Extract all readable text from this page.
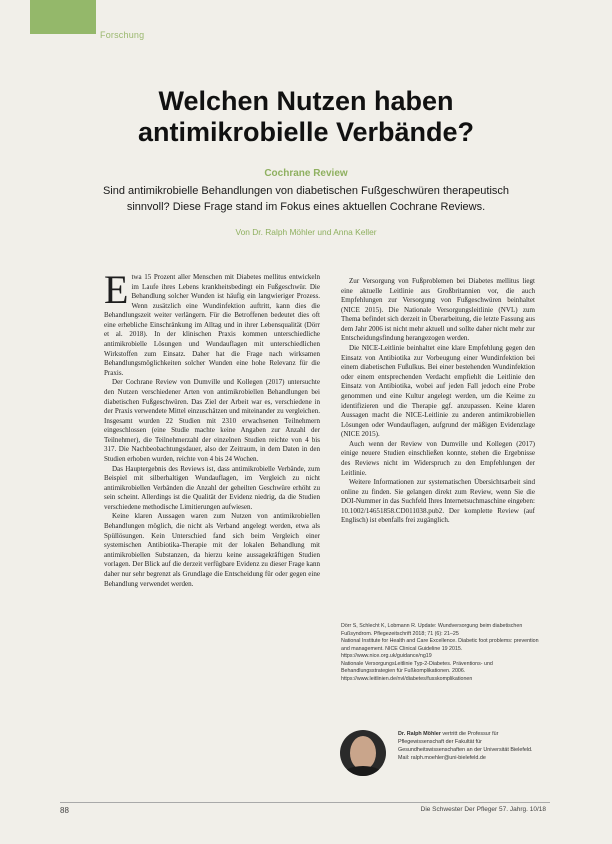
Forschung
Welchen Nutzen haben antimikrobielle Verbände?
Cochrane Review
Sind antimikrobielle Behandlungen von diabetischen Fußgeschwüren therapeutisch sinnvoll? Diese Frage stand im Fokus eines aktuellen Cochrane Reviews.
Von Dr. Ralph Möhler und Anna Keller
E twa 15 Prozent aller Menschen mit Diabetes mellitus entwickeln im Laufe ihres Lebens krankheitsbedingt ein Fußgeschwür. Die Behandlung solcher Wunden ist häufig ein langwieriger Prozess. Wenn zusätzlich eine Wundinfektion auftritt, kann dies die Behandlungszeit weiter verlängern. Für die Betroffenen bedeutet dies oft eine erhebliche Einschränkung im Alltag und in ihrer Lebensqualität (Dörr et al. 2018). In der klinischen Praxis kommen unterschiedliche antimikrobielle Lösungen und Wundauflagen mit unterschiedlichen Wirkstoffen zum Einsatz. Daher hat die Frage nach wirksamen Behandlungsmöglichkeiten solcher Wunden eine hohe Relevanz für die Praxis.

Der Cochrane Review von Dumville und Kollegen (2017) untersuchte den Nutzen verschiedener Arten von antimikrobiellen Behandlungen bei diabetischen Fußgeschwüren. Das Ziel der Arbeit war es, verschiedene in der Praxis verwendete Mittel einzuschätzen und miteinander zu vergleichen. Insgesamt wurden 22 Studien mit 2310 erwachsenen Teilnehmern eingeschlossen (eine Studie machte keine Angaben zur Anzahl der Teilnehmer), die Teilnehmerzahl der einzelnen Studien reichte von 4 bis 317. Die Nachbeobachtungsdauer, also der Zeitraum, in dem Daten in den Studien erhoben wurden, reichte von 4 bis 24 Wochen.

Das Hauptergebnis des Reviews ist, dass antimikrobielle Verbände, zum Beispiel mit silberhaltigen Wundauflagen, im Vergleich zu nicht antimikrobiellen Verbänden die Anzahl der geheilten Geschwüre erhöht zu sein scheint. Allerdings ist die Qualität der Evidenz niedrig, da die Studien verschiedene methodische Limitierungen aufwiesen.

Keine klaren Aussagen waren zum Nutzen von antimikrobiellen Behandlungen möglich, die nicht als Verband angelegt werden, etwa als Spüllösungen. Kein Unterschied fand sich beim Vergleich einer systemischen Antibiotika-Therapie mit der lokalen Behandlung mit antimikrobiellen Substanzen, da hierzu keine aussagekräftigen Studien vorlagen. Der Blick auf die derzeit verfügbare Evidenz zu dieser Frage kann daher nur sehr begrenzt als Grundlage die Entscheidung für oder gegen eine Behandlung verwendet werden.

Zur Versorgung von Fußproblemen bei Diabetes mellitus liegt eine aktuelle Leitlinie aus Großbritannien vor, die auch Empfehlungen zur Versorgung von Fußgeschwüren beinhaltet (NICE 2015). Die Nationale Versorgungsleitlinie (NVL) zum Thema befindet sich derzeit in Überarbeitung, die letzte Fassung aus dem Jahr 2006 ist nicht mehr aktuell und sollte daher nicht mehr zur Entscheidungsfindung herangezogen werden.

Die NICE-Leitlinie beinhaltet eine klare Empfehlung gegen den Einsatz von Antibiotika zur Vorbeugung einer Wundinfektion bei einem diabetischen Fußulkus. Bei einer bestehenden Wundinfektion oder einem entsprechenden Verdacht empfiehlt die Leitlinie den Einsatz von Antibiotika, wobei auf jeden Fall jedoch eine Probe genommen und eine Kultur angelegt werden, um die Keime zu identifizieren und die Therapie ggf. anzupassen. Keine klaren Aussagen macht die NICE-Leitlinie zu anderen antimikrobiellen Lösungen oder Wundauflagen, aufgrund der mäßigen Evidenzlage (NICE 2015).

Auch wenn der Review von Dumville und Kollegen (2017) einige neuere Studien einschließen konnte, stehen die Ergebnisse des Reviews nicht im Widerspruch zu den Empfehlungen der Leitlinie.

Weitere Informationen zur systematischen Übersichtsarbeit sind online zu finden. Sie gelangen direkt zum Review, wenn Sie die DOI-Nummer in das Suchfeld Ihres Internetsuchmaschine eingeben: 10.1002/14651858.CD011038.pub2. Der komplette Review (auf Englisch) ist ebenfalls frei zugänglich.

Dörr S, Schlecht K, Lobmann R. Update: Wundversorgung beim diabetischen Fußsyndrom. Pflegezeitschrift 2018; 71 (6): 21–25
National Institute for Health and Care Excellence. Diabetic foot problems: prevention and management. NICE Clinical Guideline 19 2015. https://www.nice.org.uk/guidance/ng19
Nationale VersorgungsLeitlinie Typ-2-Diabetes. Präventions- und Behandlungsstrategien für Fußkomplikationen. 2006. https://www.leitlinien.de/nvl/diabetes/fusskomplikationen
Dr. Ralph Möhler vertritt die Professur für Pflegewissenschaft der Fakultät für Gesundheitswissenschaften an der Universität Bielefeld.
Mail: ralph.moehler@uni-bielefeld.de
88	Die Schwester Der Pfleger 57. Jahrg. 10/18
